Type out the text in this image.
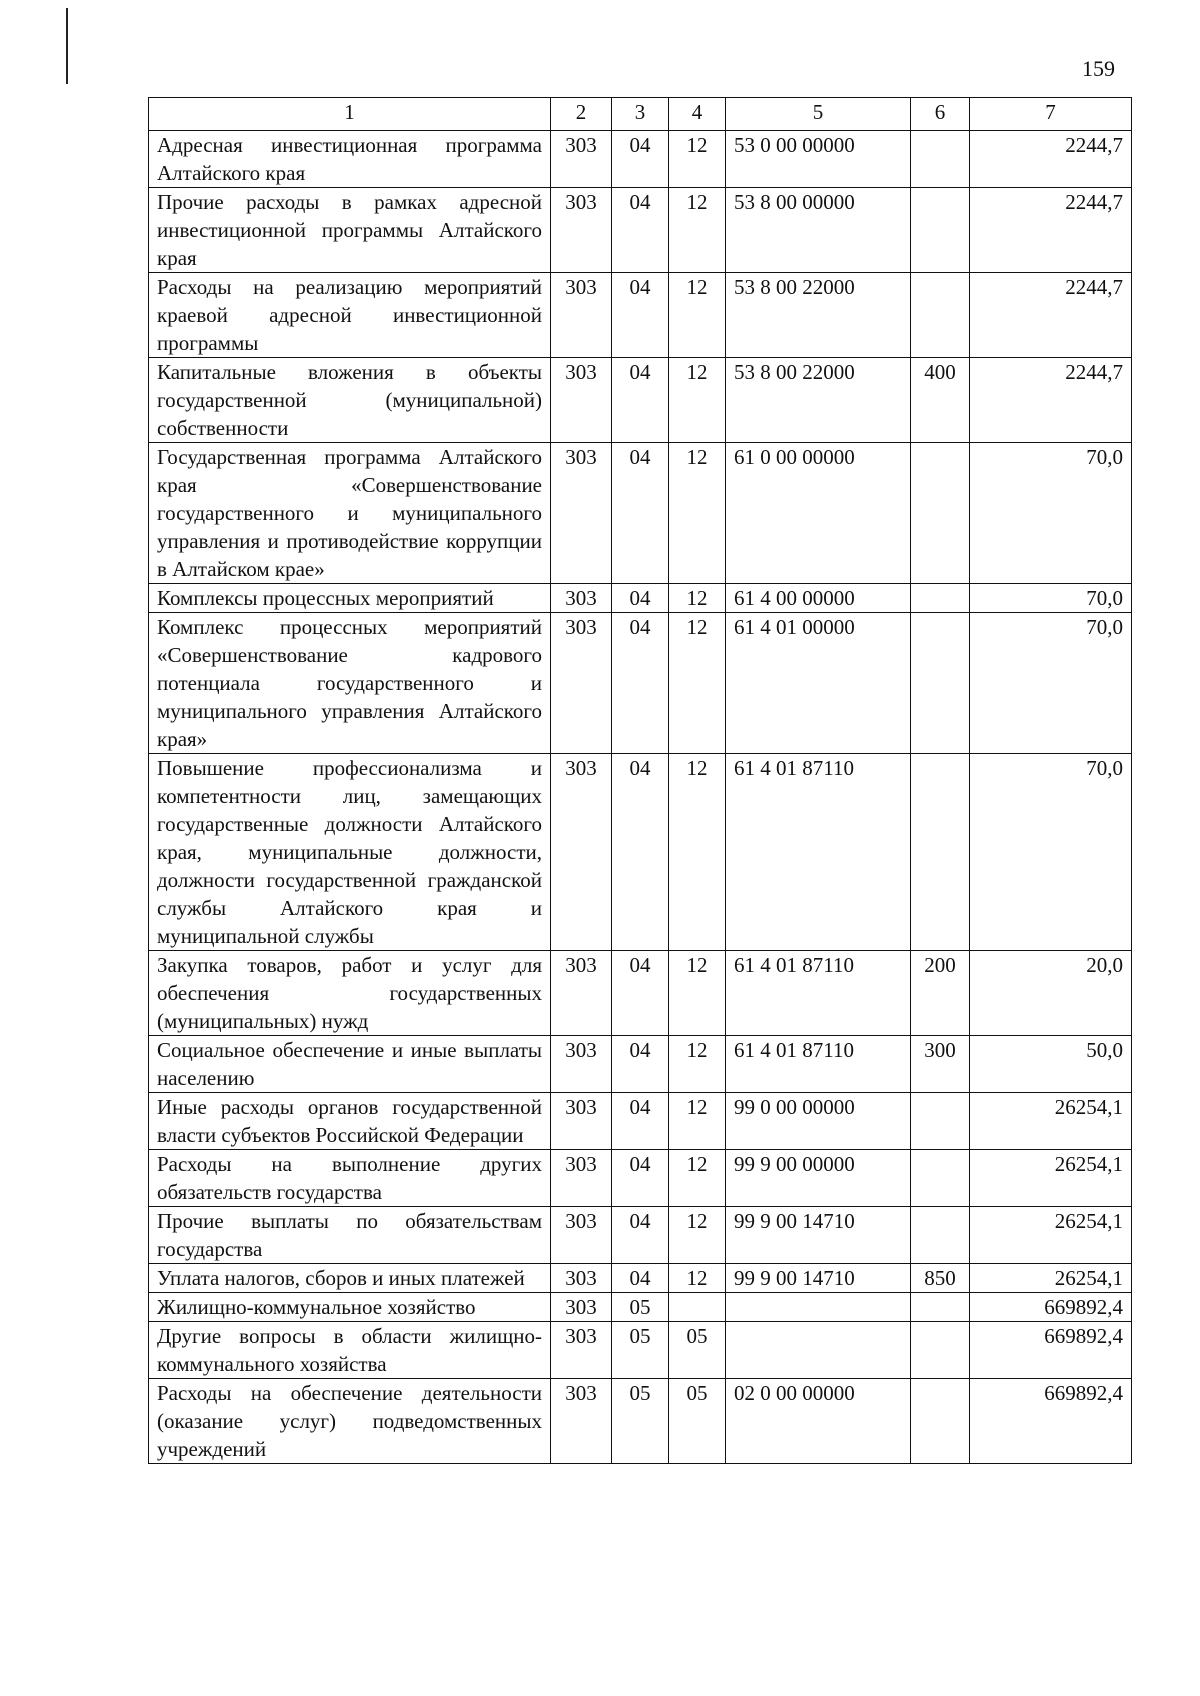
159
1	2	3	4	5	6	7
Адресная инвестиционная программа Алтайского края	303	04	12	53 0 00 00000		2244,7
Прочие расходы в рамках адресной инвестиционной программы Алтайского края	303	04	12	53 8 00 00000		2244,7
Расходы на реализацию мероприятий краевой адресной инвестиционной программы	303	04	12	53 8 00 22000		2244,7
Капитальные вложения в объекты государственной (муниципальной) собственности	303	04	12	53 8 00 22000	400	2244,7
Государственная программа Алтайского края «Совершенствование государственного и муниципального управления и противодействие коррупции в Алтайском крае»	303	04	12	61 0 00 00000		70,0
Комплексы процессных мероприятий	303	04	12	61 4 00 00000		70,0
Комплекс процессных мероприятий «Совершенствование кадрового потенциала государственного и муниципального управления Алтайского края»	303	04	12	61 4 01 00000		70,0
Повышение профессионализма и компетентности лиц, замещающих государственные должности Алтайского края, муниципальные должности, должности государственной гражданской службы Алтайского края и муниципальной службы	303	04	12	61 4 01 87110		70,0
Закупка товаров, работ и услуг для обеспечения государственных (муниципальных) нужд	303	04	12	61 4 01 87110	200	20,0
Социальное обеспечение и иные выплаты населению	303	04	12	61 4 01 87110	300	50,0
Иные расходы органов государственной власти субъектов Российской Федерации	303	04	12	99 0 00 00000		26254,1
Расходы на выполнение других обязательств государства	303	04	12	99 9 00 00000		26254,1
Прочие выплаты по обязательствам государства	303	04	12	99 9 00 14710		26254,1
Уплата налогов, сборов и иных платежей	303	04	12	99 9 00 14710	850	26254,1
Жилищно-коммунальное хозяйство	303	05				669892,4
Другие вопросы в области жилищно-коммунального хозяйства	303	05	05			669892,4
Расходы на обеспечение деятельности (оказание услуг) подведомственных учреждений	303	05	05	02 0 00 00000		669892,4
